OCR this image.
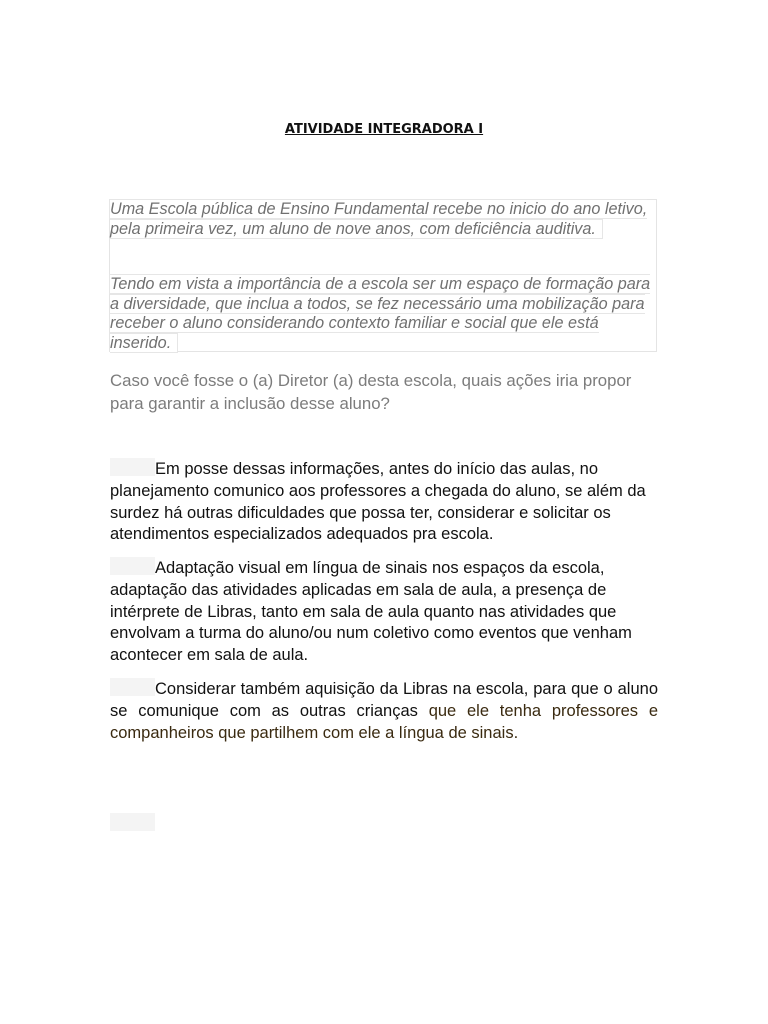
ATIVIDADE INTEGRADORA I

Uma Escola pública de Ensino Fundamental recebe no inicio do ano letivo, pela primeira vez, um aluno de nove anos, com deficiência auditiva.

Tendo em vista a importância de a escola ser um espaço de formação para a diversidade, que inclua a todos, se fez necessário uma mobilização para receber o aluno considerando contexto familiar e social que ele está inserido.

Caso você fosse o (a) Diretor (a) desta escola, quais ações iria propor para garantir a inclusão desse aluno?

Em posse dessas informações, antes do início das aulas, no planejamento comunico aos professores a chegada do aluno, se além da surdez há outras dificuldades que possa ter, considerar e solicitar os atendimentos especializados adequados pra escola.

Adaptação visual em língua de sinais nos espaços da escola, adaptação das atividades aplicadas em sala de aula, a presença de intérprete de Libras, tanto em sala de aula quanto nas atividades que envolvam a turma do aluno/ou num coletivo como eventos que venham acontecer em sala de aula.

Considerar também aquisição da Libras na escola, para que o aluno se comunique com as outras crianças que ele tenha professores e companheiros que partilhem com ele a língua de sinais.
